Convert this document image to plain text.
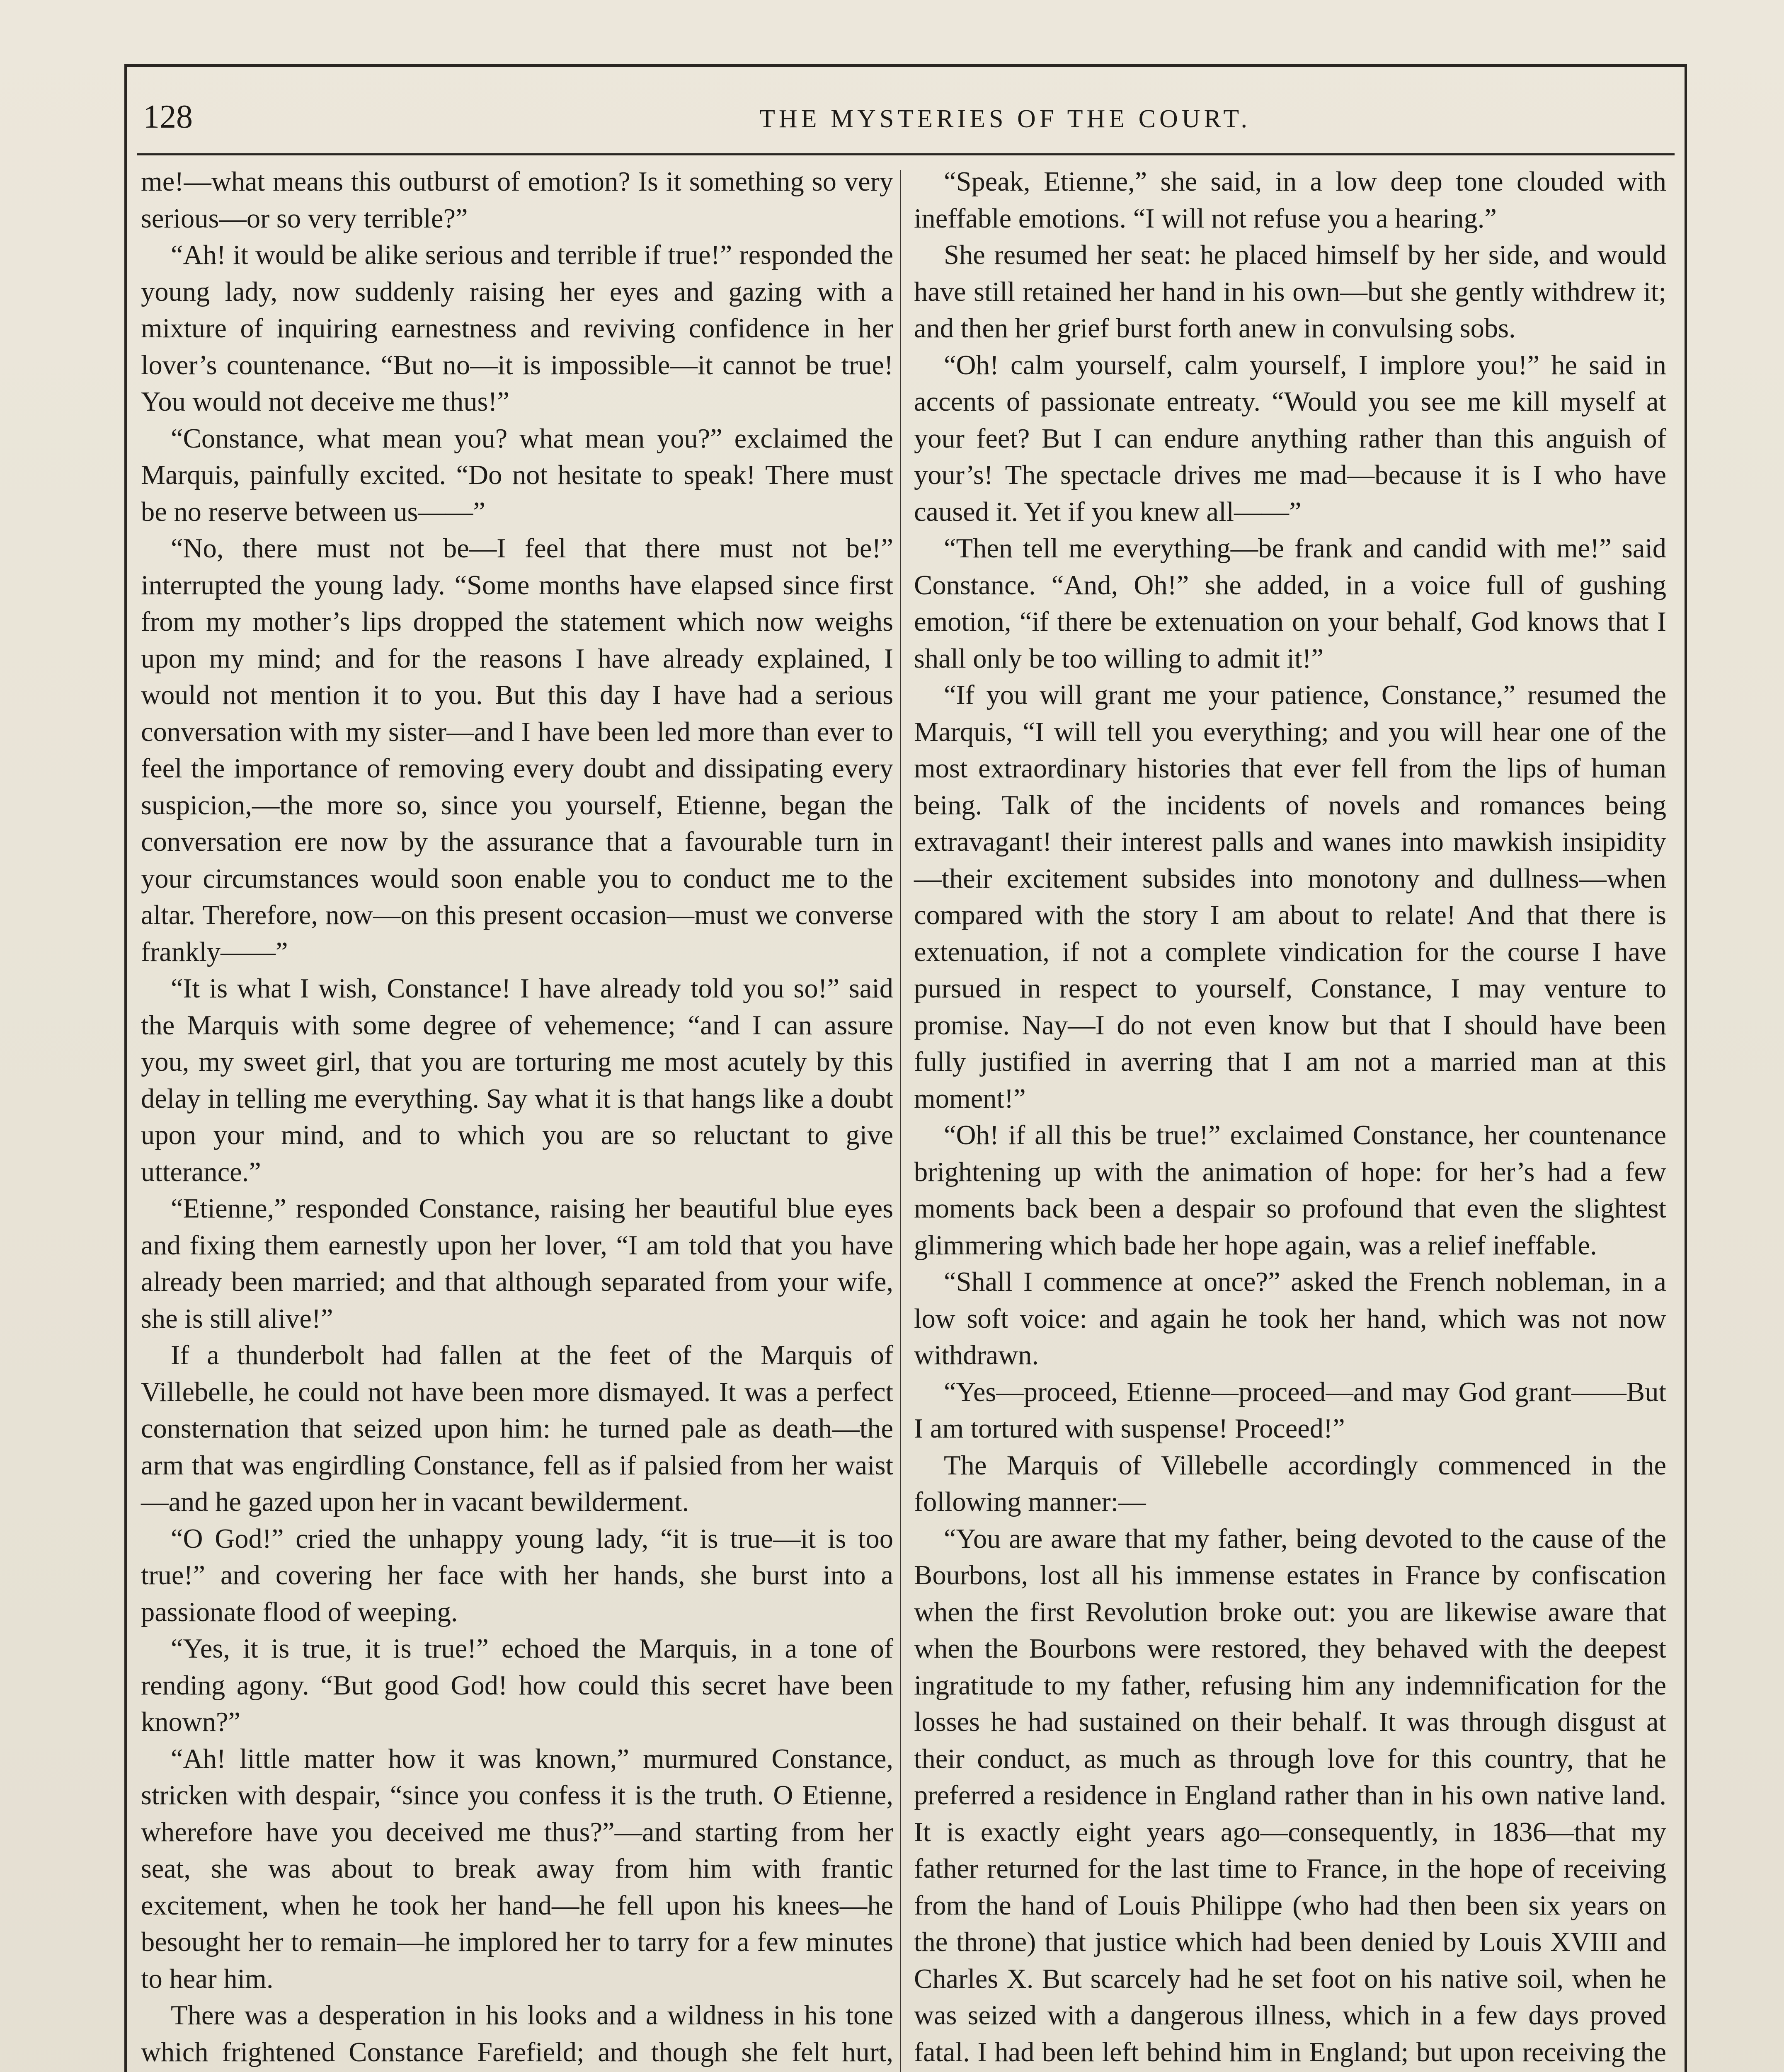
128	THE MYSTERIES OF THE COURT.

me!—what means this outburst of emotion? Is it something so very serious—or so very terrible?”

“Ah! it would be alike serious and terrible if true!” responded the young lady, now suddenly raising her eyes and gazing with a mixture of inquiring earnestness and reviving confidence in her lover’s countenance. “But no—it is impossible—it cannot be true! You would not deceive me thus!”

“Constance, what mean you? what mean you?” exclaimed the Marquis, painfully excited. “Do not hesitate to speak! There must be no reserve between us——”

“No, there must not be—I feel that there must not be!” interrupted the young lady. “Some months have elapsed since first from my mother’s lips dropped the statement which now weighs upon my mind; and for the reasons I have already explained, I would not mention it to you. But this day I have had a serious conversation with my sister—and I have been led more than ever to feel the importance of removing every doubt and dissipating every suspicion,—the more so, since you yourself, Etienne, began the conversation ere now by the assurance that a favourable turn in your circumstances would soon enable you to conduct me to the altar. Therefore, now—on this present occasion—must we converse frankly——”

“It is what I wish, Constance! I have already told you so!” said the Marquis with some degree of vehemence; “and I can assure you, my sweet girl, that you are torturing me most acutely by this delay in telling me everything. Say what it is that hangs like a doubt upon your mind, and to which you are so reluctant to give utterance.”

“Etienne,” responded Constance, raising her beautiful blue eyes and fixing them earnestly upon her lover, “I am told that you have already been married; and that although separated from your wife, she is still alive!”

If a thunderbolt had fallen at the feet of the Marquis of Villebelle, he could not have been more dismayed. It was a perfect consternation that seized upon him: he turned pale as death—the arm that was engirdling Constance, fell as if palsied from her waist—and he gazed upon her in vacant bewilderment.

“O God!” cried the unhappy young lady, “it is true—it is too true!” and covering her face with her hands, she burst into a passionate flood of weeping.

“Yes, it is true, it is true!” echoed the Marquis, in a tone of rending agony. “But good God! how could this secret have been known?”

“Ah! little matter how it was known,” murmured Constance, stricken with despair, “since you confess it is the truth. O Etienne, wherefore have you deceived me thus?”—and starting from her seat, she was about to break away from him with frantic excitement, when he took her hand—he fell upon his knees—he besought her to remain—he implored her to tarry for a few minutes to hear him.

There was a desperation in his looks and a wildness in his tone which frightened Constance Farefield; and though she felt hurt,

“Speak, Etienne,” she said, in a low deep tone clouded with ineffable emotions. “I will not refuse you a hearing.”

She resumed her seat: he placed himself by her side, and would have still retained her hand in his own—but she gently withdrew it; and then her grief burst forth anew in convulsing sobs.

“Oh! calm yourself, calm yourself, I implore you!” he said in accents of passionate entreaty. “Would you see me kill myself at your feet? But I can endure anything rather than this anguish of your’s! The spectacle drives me mad—because it is I who have caused it. Yet if you knew all——”

“Then tell me everything—be frank and candid with me!” said Constance. “And, Oh!” she added, in a voice full of gushing emotion, “if there be extenuation on your behalf, God knows that I shall only be too willing to admit it!”

“If you will grant me your patience, Constance,” resumed the Marquis, “I will tell you everything; and you will hear one of the most extraordinary histories that ever fell from the lips of human being. Talk of the incidents of novels and romances being extravagant! their interest palls and wanes into mawkish insipidity—their excitement subsides into monotony and dullness—when compared with the story I am about to relate! And that there is extenuation, if not a complete vindication for the course I have pursued in respect to yourself, Constance, I may venture to promise. Nay—I do not even know but that I should have been fully justified in averring that I am not a married man at this moment!”

“Oh! if all this be true!” exclaimed Constance, her countenance brightening up with the animation of hope: for her’s had a few moments back been a despair so profound that even the slightest glimmering which bade her hope again, was a relief ineffable.

“Shall I commence at once?” asked the French nobleman, in a low soft voice: and again he took her hand, which was not now withdrawn.

“Yes—proceed, Etienne—proceed—and may God grant——But I am tortured with suspense! Proceed!”

The Marquis of Villebelle accordingly commenced in the following manner:—

“You are aware that my father, being devoted to the cause of the Bourbons, lost all his immense estates in France by confiscation when the first Revolution broke out: you are likewise aware that when the Bourbons were restored, they behaved with the deepest ingratitude to my father, refusing him any indemnification for the losses he had sustained on their behalf. It was through disgust at their conduct, as much as through love for this country, that he preferred a residence in England rather than in his own native land. It is exactly eight years ago—consequently, in 1836—that my father returned for the last time to France, in the hope of receiving from the hand of Louis Philippe (who had then been six years on the throne) that justice which had been denied by Louis XVIII and Charles X. But scarcely had he set foot on his native soil, when he was seized with a dangerous illness, which in a few days proved fatal. I had been left behind him in England; but upon receiving the
